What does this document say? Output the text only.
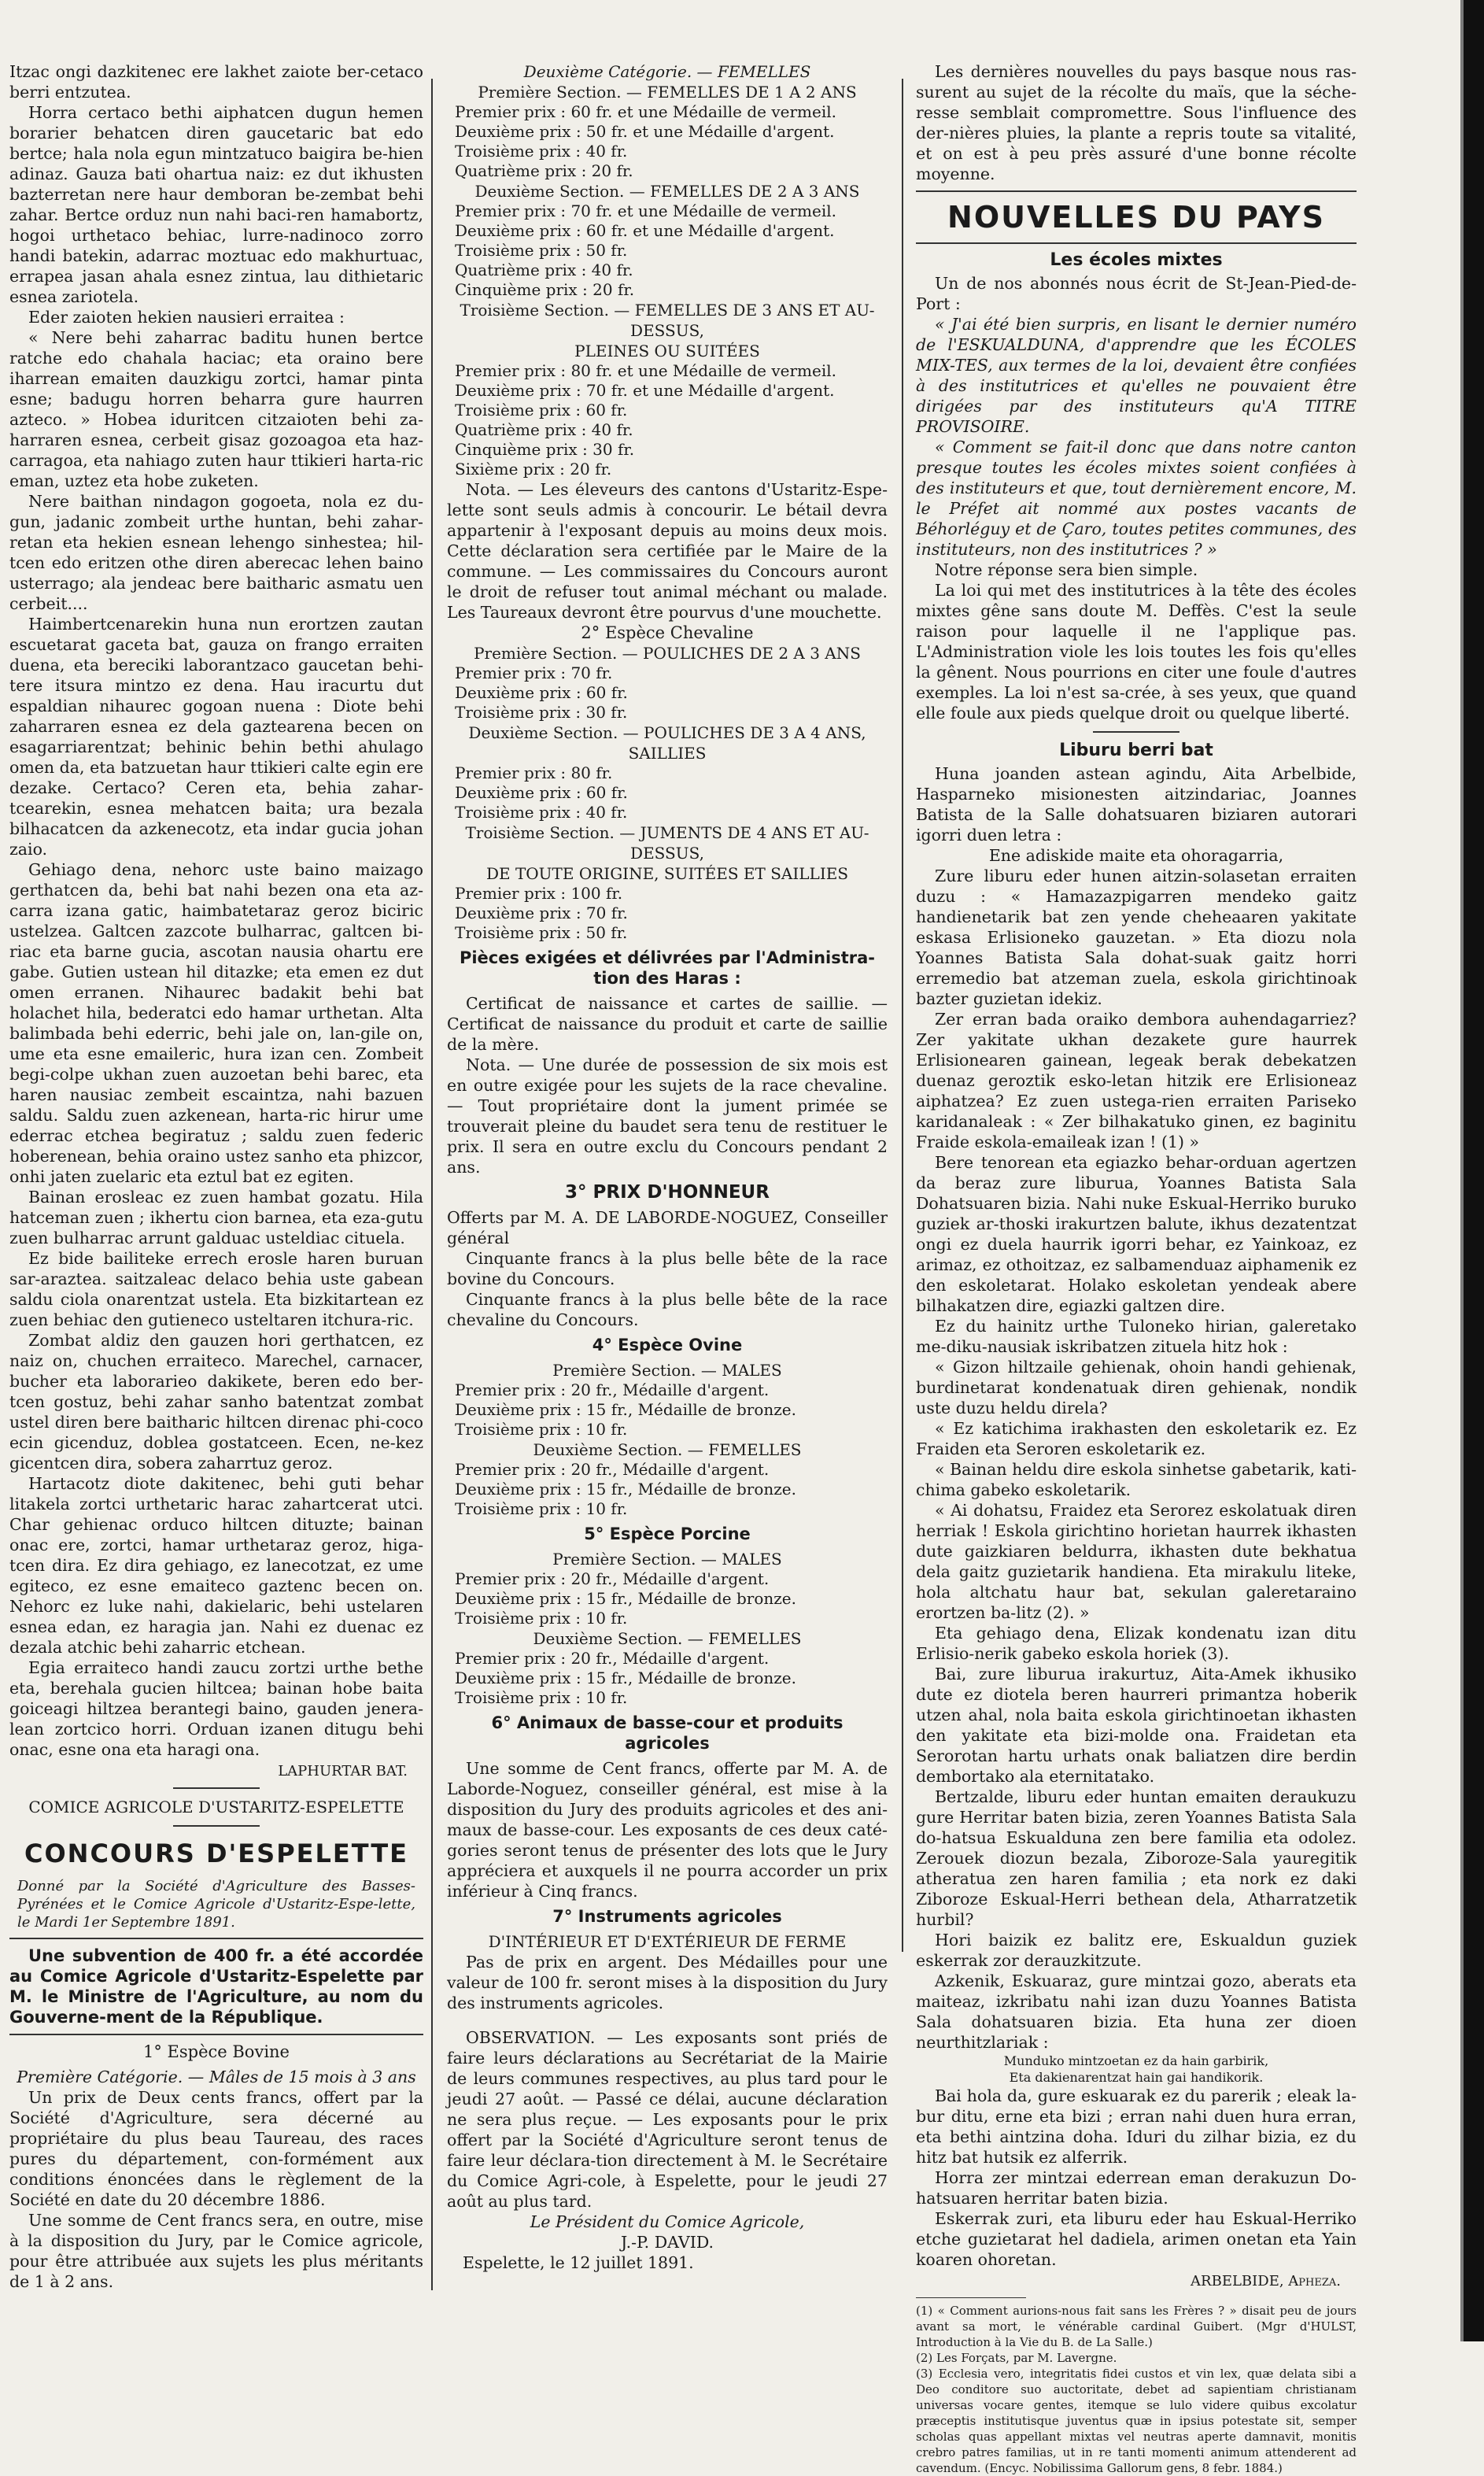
Itzac ongi dazkitenec ere lakhet zaiote ber-cetaco berri entzutea.

Horra certaco bethi aiphatcen dugun hemen borarier behatcen diren gaucetaric bat edo bertce; hala nola egun mintzatuco baigira be-hien adinaz. Gauza bati ohartua naiz: ez dut ikhusten bazterretan nere haur demboran be-zembat behi zahar. Bertce orduz nun nahi baci-ren hamabortz, hogoi urthetaco behiac, lurre-nadinoco zorro handi batekin, adarrac moztuac edo makhurtuac, errapea jasan ahala esnez zintua, lau dithietaric esnea zariotela.

Eder zaioten hekien nausieri erraitea :

« Nere behi zaharrac baditu hunen bertce ratche edo chahala haciac; eta oraino bere iharrean emaiten dauzkigu zortci, hamar pinta esne; badugu horren beharra gure haurren azteco. » Hobea iduritcen citzaioten behi za-harraren esnea, cerbeit gisaz gozoagoa eta haz-carragoa, eta nahiago zuten haur ttikieri harta-ric eman, uztez eta hobe zuketen.

Nere baithan nindagon gogoeta, nola ez du-gun, jadanic zombeit urthe huntan, behi zahar-retan eta hekien esnean lehengo sinhestea; hil-tcen edo eritzen othe diren aberecac lehen baino usterrago; ala jendeac bere baitharic asmatu uen cerbeit....

Haimbertcenarekin huna nun erortzen zautan escuetarat gaceta bat, gauza on frango erraiten duena, eta bereciki laborantzaco gaucetan behi-tere itsura mintzo ez dena. Hau iracurtu dut espaldian nihaurec gogoan nuena : Diote behi zaharraren esnea ez dela gaztearena becen on esagarriarentzat; behinic behin bethi ahulago omen da, eta batzuetan haur ttikieri calte egin ere dezake. Certaco? Ceren eta, behia zahar-tcearekin, esnea mehatcen baita; ura bezala bilhacatcen da azkenecotz, eta indar gucia johan zaio.

Gehiago dena, nehorc uste baino maizago gerthatcen da, behi bat nahi bezen ona eta az-carra izana gatic, haimbatetaraz geroz biciric ustelzea. Galtcen zazcote bulharrac, galtcen bi-riac eta barne gucia, ascotan nausia ohartu ere gabe. Gutien ustean hil ditazke; eta emen ez dut omen erranen. Nihaurec badakit behi bat holachet hila, bederatci edo hamar urthetan. Alta balimbada behi ederric, behi jale on, lan-gile on, ume eta esne emaileric, hura izan cen. Zombeit begi-colpe ukhan zuen auzoetan behi barec, eta haren nausiac zembeit escaintza, nahi bazuen saldu. Saldu zuen azkenean, harta-ric hirur ume ederrac etchea begiratuz ; saldu zuen federic hoberenean, behia oraino ustez sanho eta phizcor, onhi jaten zuelaric eta eztul bat ez egiten.

Bainan erosleac ez zuen hambat gozatu. Hila hatceman zuen ; ikhertu cion barnea, eta eza-gutu zuen bulharrac arrunt galduac usteldiac cituela.

Ez bide bailiteke errech erosle haren buruan sar-araztea. saitzaleac delaco behia uste gabean saldu ciola onarentzat ustela. Eta bizkitartean ez zuen behiac den gutieneco usteltaren itchura-ric.

Zombat aldiz den gauzen hori gerthatcen, ez naiz on, chuchen erraiteco. Marechel, carnacer, bucher eta laborarieo dakikete, beren edo ber-tcen gostuz, behi zahar sanho batentzat zombat ustel diren bere baitharic hiltcen direnac phi-coco ecin gicenduz, doblea gostatceen. Ecen, ne-kez gicentcen dira, sobera zaharrtuz geroz.

Hartacotz diote dakitenec, behi guti behar litakela zortci urthetaric harac zahartcerat utci. Char gehienac orduco hiltcen dituzte; bainan onac ere, zortci, hamar urthetaraz geroz, higa-tcen dira. Ez dira gehiago, ez lanecotzat, ez ume egiteco, ez esne emaiteco gaztenc becen on. Nehorc ez luke nahi, dakielaric, behi ustelaren esnea edan, ez haragia jan. Nahi ez duenac ez dezala atchic behi zaharric etchean.

Egia erraiteco handi zaucu zortzi urthe bethe eta, berehala gucien hiltcea; bainan hobe baita goiceagi hiltzea berantegi baino, gauden jenera-lean zortcico horri. Orduan izanen ditugu behi onac, esne ona eta haragi ona.

LAPHURTAR BAT.

COMICE AGRICOLE D'USTARITZ-ESPELETTE

CONCOURS D'ESPELETTE

Donné par la Société d'Agriculture des Basses-Pyrénées et le Comice Agricole d'Ustaritz-Espe-lette, le Mardi 1er Septembre 1891.

Une subvention de 400 fr. a été accordée au Comice Agricole d'Ustaritz-Espelette par M. le Ministre de l'Agriculture, au nom du Gouverne-ment de la République.

1° Espèce Bovine

Première Catégorie. — Mâles de 15 mois à 3 ans

Un prix de Deux cents francs, offert par la Société d'Agriculture, sera décerné au propriétaire du plus beau Taureau, des races pures du département, con-formément aux conditions énoncées dans le règlement de la Société en date du 20 décembre 1886.

Une somme de Cent francs sera, en outre, mise à la disposition du Jury, par le Comice agricole, pour être attribuée aux sujets les plus méritants de 1 à 2 ans.

Deuxième Catégorie. — FEMELLES

Première Section. — FEMELLES DE 1 A 2 ANS

Premier prix : 60 fr. et une Médaille de vermeil.

Deuxième prix : 50 fr. et une Médaille d'argent.

Troisième prix : 40 fr.

Quatrième prix : 20 fr.

Deuxième Section. — FEMELLES DE 2 A 3 ANS

Premier prix : 70 fr. et une Médaille de vermeil.

Deuxième prix : 60 fr. et une Médaille d'argent.

Troisième prix : 50 fr.

Quatrième prix : 40 fr.

Cinquième prix : 20 fr.

Troisième Section. — FEMELLES DE 3 ANS ET AU-DESSUS,

PLEINES OU SUITÉES

Premier prix : 80 fr. et une Médaille de vermeil.

Deuxième prix : 70 fr. et une Médaille d'argent.

Troisième prix : 60 fr.

Quatrième prix : 40 fr.

Cinquième prix : 30 fr.

Sixième prix : 20 fr.

Nota. — Les éleveurs des cantons d'Ustaritz-Espe-lette sont seuls admis à concourir. Le bétail devra appartenir à l'exposant depuis au moins deux mois. Cette déclaration sera certifiée par le Maire de la commune. — Les commissaires du Concours auront le droit de refuser tout animal méchant ou malade. Les Taureaux devront être pourvus d'une mouchette.

2° Espèce Chevaline

Première Section. — POULICHES DE 2 A 3 ANS

Premier prix : 70 fr.

Deuxième prix : 60 fr.

Troisième prix : 30 fr.

Deuxième Section. — POULICHES DE 3 A 4 ANS, SAILLIES

Premier prix : 80 fr.

Deuxième prix : 60 fr.

Troisième prix : 40 fr.

Troisième Section. — JUMENTS DE 4 ANS ET AU-DESSUS,

DE TOUTE ORIGINE, SUITÉES ET SAILLIES

Premier prix : 100 fr.

Deuxième prix : 70 fr.

Troisième prix : 50 fr.

Pièces exigées et délivrées par l'Administra-tion des Haras :

Certificat de naissance et cartes de saillie. — Certificat de naissance du produit et carte de saillie de la mère.

Nota. — Une durée de possession de six mois est en outre exigée pour les sujets de la race chevaline. — Tout propriétaire dont la jument primée se trouverait pleine du baudet sera tenu de restituer le prix. Il sera en outre exclu du Concours pendant 2 ans.

3° PRIX D'HONNEUR

Offerts par M. A. DE LABORDE-NOGUEZ, Conseiller général

Cinquante francs à la plus belle bête de la race bovine du Concours.

Cinquante francs à la plus belle bête de la race chevaline du Concours.

4° Espèce Ovine

Première Section. — MALES

Premier prix : 20 fr., Médaille d'argent.

Deuxième prix : 15 fr., Médaille de bronze.

Troisième prix : 10 fr.

Deuxième Section. — FEMELLES

Premier prix : 20 fr., Médaille d'argent.

Deuxième prix : 15 fr., Médaille de bronze.

Troisième prix : 10 fr.

5° Espèce Porcine

Première Section. — MALES

Premier prix : 20 fr., Médaille d'argent.

Deuxième prix : 15 fr., Médaille de bronze.

Troisième prix : 10 fr.

Deuxième Section. — FEMELLES

Premier prix : 20 fr., Médaille d'argent.

Deuxième prix : 15 fr., Médaille de bronze.

Troisième prix : 10 fr.

6° Animaux de basse-cour et produits agricoles

Une somme de Cent francs, offerte par M. A. de Laborde-Noguez, conseiller général, est mise à la disposition du Jury des produits agricoles et des ani-maux de basse-cour. Les exposants de ces deux caté-gories seront tenus de présenter des lots que le Jury appréciera et auxquels il ne pourra accorder un prix inférieur à Cinq francs.

7° Instruments agricoles

D'INTÉRIEUR ET D'EXTÉRIEUR DE FERME

Pas de prix en argent. Des Médailles pour une valeur de 100 fr. seront mises à la disposition du Jury des instruments agricoles.

OBSERVATION. — Les exposants sont priés de faire leurs déclarations au Secrétariat de la Mairie de leurs communes respectives, au plus tard pour le jeudi 27 août. — Passé ce délai, aucune déclaration ne sera plus reçue. — Les exposants pour le prix offert par la Société d'Agriculture seront tenus de faire leur déclara-tion directement à M. le Secrétaire du Comice Agri-cole, à Espelette, pour le jeudi 27 août au plus tard.

Le Président du Comice Agricole,

J.-P. DAVID.

Espelette, le 12 juillet 1891.

Les dernières nouvelles du pays basque nous ras-surent au sujet de la récolte du maïs, que la séche-resse semblait compromettre. Sous l'influence des der-nières pluies, la plante a repris toute sa vitalité, et on est à peu près assuré d'une bonne récolte moyenne.

NOUVELLES DU PAYS
Les écoles mixtes

Un de nos abonnés nous écrit de St-Jean-Pied-de-Port :

« J'ai été bien surpris, en lisant le dernier numéro de l'ESKUALDUNA, d'apprendre que les ÉCOLES MIX-TES, aux termes de la loi, devaient être confiées à des institutrices et qu'elles ne pouvaient être dirigées par des instituteurs qu'A TITRE PROVISOIRE.

« Comment se fait-il donc que dans notre canton presque toutes les écoles mixtes soient confiées à des instituteurs et que, tout dernièrement encore, M. le Préfet ait nommé aux postes vacants de Béhorléguy et de Çaro, toutes petites communes, des instituteurs, non des institutrices ? »

Notre réponse sera bien simple.

La loi qui met des institutrices à la tête des écoles mixtes gêne sans doute M. Deffès. C'est la seule raison pour laquelle il ne l'applique pas. L'Administration viole les lois toutes les fois qu'elles la gênent. Nous pourrions en citer une foule d'autres exemples. La loi n'est sa-crée, à ses yeux, que quand elle foule aux pieds quelque droit ou quelque liberté.

Liburu berri bat

Huna joanden astean agindu, Aita Arbelbide, Hasparneko misionesten aitzindariac, Joannes Batista de la Salle dohatsuaren biziaren autorari igorri duen letra :

Ene adiskide maite eta ohoragarria,

Zure liburu eder hunen aitzin-solasetan erraiten duzu : « Hamazazpigarren mendeko gaitz handienetarik bat zen yende cheheaaren yakitate eskasa Erlisioneko gauzetan. » Eta diozu nola Yoannes Batista Sala dohat-suak gaitz horri erremedio bat atzeman zuela, eskola girichtinoak bazter guzietan idekiz.

Zer erran bada oraiko dembora auhendagarriez? Zer yakitate ukhan dezakete gure haurrek Erlisionearen gainean, legeak berak debekatzen duenaz geroztik esko-letan hitzik ere Erlisioneaz aiphatzea? Ez zuen ustega-rien erraiten Pariseko karidanaleak : « Zer bilhakatuko ginen, ez baginitu Fraide eskola-emaileak izan ! (1) »

Bere tenorean eta egiazko behar-orduan agertzen da beraz zure liburua, Yoannes Batista Sala Dohatsuaren bizia. Nahi nuke Eskual-Herriko buruko guziek ar-thoski irakurtzen balute, ikhus dezatentzat ongi ez duela haurrik igorri behar, ez Yainkoaz, ez arimaz, ez othoitzaz, ez salbamenduaz aiphamenik ez den eskoletarat. Holako eskoletan yendeak abere bilhakatzen dire, egiazki galtzen dire.

Ez du hainitz urthe Tuloneko hirian, galeretako me-diku-nausiak iskribatzen zituela hitz hok :

« Gizon hiltzaile gehienak, ohoin handi gehienak, burdinetarat kondenatuak diren gehienak, nondik uste duzu heldu direla?

« Ez katichima irakhasten den eskoletarik ez. Ez Fraiden eta Seroren eskoletarik ez.

« Bainan heldu dire eskola sinhetse gabetarik, kati-chima gabeko eskoletarik.

« Ai dohatsu, Fraidez eta Serorez eskolatuak diren herriak ! Eskola girichtino horietan haurrek ikhasten dute gaizkiaren beldurra, ikhasten dute bekhatua dela gaitz guzietarik handiena. Eta mirakulu liteke, hola altchatu haur bat, sekulan galeretaraino erortzen ba-litz (2). »

Eta gehiago dena, Elizak kondenatu izan ditu Erlisio-nerik gabeko eskola horiek (3).

Bai, zure liburua irakurtuz, Aita-Amek ikhusiko dute ez diotela beren haurreri primantza hoberik utzen ahal, nola baita eskola girichtinoetan ikhasten den yakitate eta bizi-molde ona. Fraidetan eta Serorotan hartu urhats onak baliatzen dire berdin dembortako ala eternitatako.

Bertzalde, liburu eder huntan emaiten deraukuzu gure Herritar baten bizia, zeren Yoannes Batista Sala do-hatsua Eskualduna zen bere familia eta odolez. Zerouek diozun bezala, Ziboroze-Sala yauregitik atheratua zen haren familia ; eta nork ez daki Ziboroze Eskual-Herri bethean dela, Atharratzetik hurbil?

Hori baizik ez balitz ere, Eskualdun guziek eskerrak zor derauzkitzute.

Azkenik, Eskuaraz, gure mintzai gozo, aberats eta maiteaz, izkribatu nahi izan duzu Yoannes Batista Sala dohatsuaren bizia. Eta huna zer dioen neurthitzlariak :

Munduko mintzoetan ez da hain garbirik,

Eta dakienarentzat hain gai handikorik.

Bai hola da, gure eskuarak ez du parerik ; eleak la-bur ditu, erne eta bizi ; erran nahi duen hura erran, eta bethi aintzina doha. Iduri du zilhar bizia, ez du hitz bat hutsik ez alferrik.

Horra zer mintzai ederrean eman derakuzun Do-hatsuaren herritar baten bizia.

Eskerrak zuri, eta liburu eder hau Eskual-Herriko etche guzietarat hel dadiela, arimen onetan eta Yain koaren ohoretan.

ARBELBIDE, Apheza.

(1) « Comment aurions-nous fait sans les Frères ? » disait peu de jours avant sa mort, le vénérable cardinal Guibert. (Mgr d'HULST, Introduction à la Vie du B. de La Salle.)

(2) Les Forçats, par M. Lavergne.

(3) Ecclesia vero, integritatis fidei custos et vin lex, quæ delata sibi a Deo conditore suo auctoritate, debet ad sapientiam christianam universas vocare gentes, itemque se lulo videre quibus excolatur præceptis institutisque juventus quæ in ipsius potestate sit, semper scholas quas appellant mixtas vel neutras aperte damnavit, monitis crebro patres familias, ut in re tanti momenti animum attenderent ad cavendum. (Encyc. Nobilissima Gallorum gens, 8 febr. 1884.)
